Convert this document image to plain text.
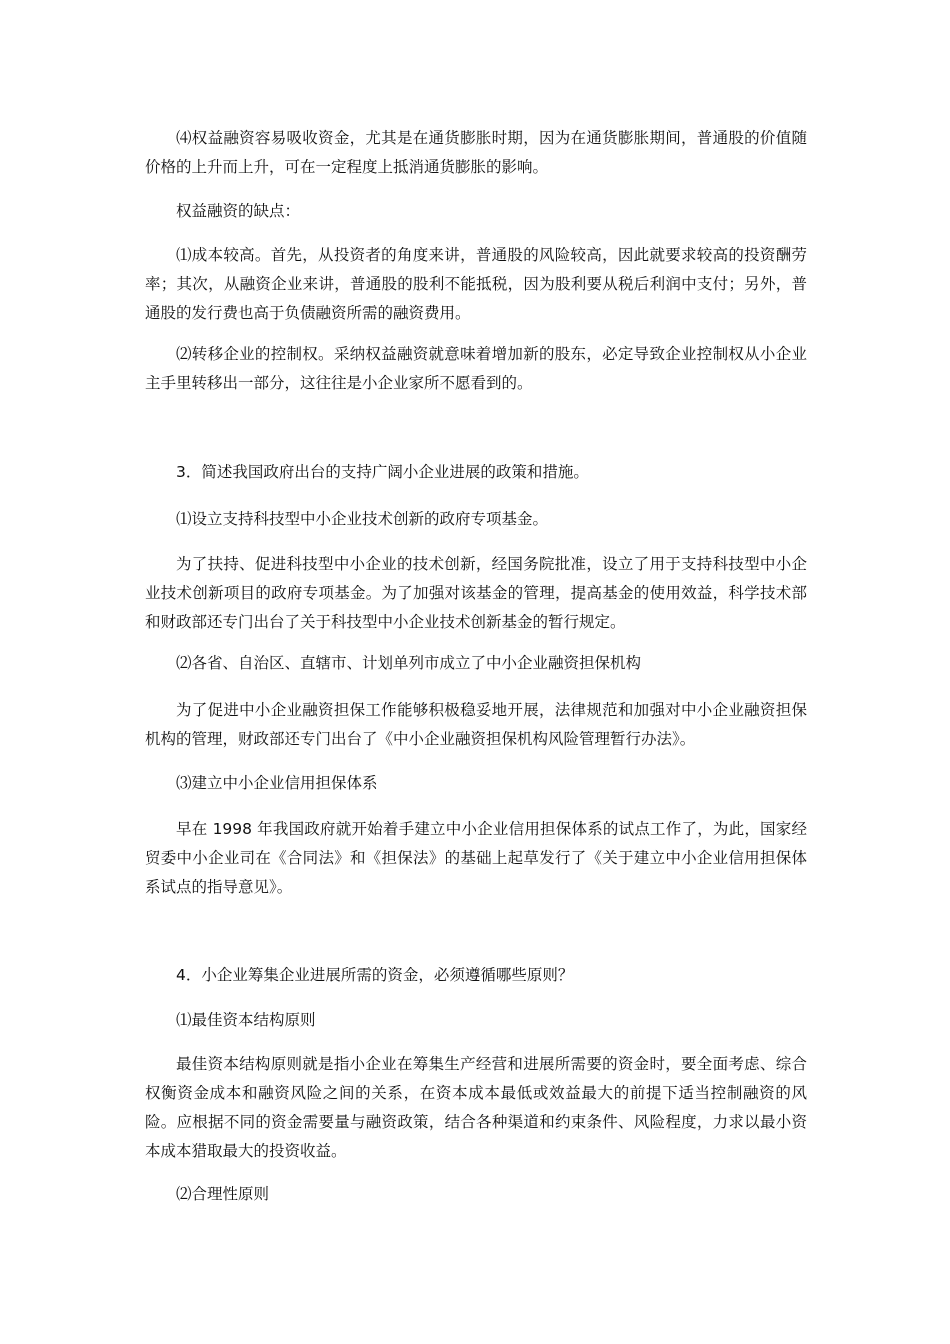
⑷权益融资容易吸收资金，尤其是在通货膨胀时期，因为在通货膨胀期间，普通股的价值随价格的上升而上升，可在一定程度上抵消通货膨胀的影响。

权益融资的缺点：

⑴成本较高。首先，从投资者的角度来讲，普通股的风险较高，因此就要求较高的投资酬劳率；其次，从融资企业来讲，普通股的股利不能抵税，因为股利要从税后利润中支付；另外，普通股的发行费也高于负债融资所需的融资费用。

⑵转移企业的控制权。采纳权益融资就意味着增加新的股东，必定导致企业控制权从小企业主手里转移出一部分，这往往是小企业家所不愿看到的。

3．简述我国政府出台的支持广阔小企业进展的政策和措施。

⑴设立支持科技型中小企业技术创新的政府专项基金。

为了扶持、促进科技型中小企业的技术创新，经国务院批准，设立了用于支持科技型中小企业技术创新项目的政府专项基金。为了加强对该基金的管理，提高基金的使用效益，科学技术部和财政部还专门出台了关于科技型中小企业技术创新基金的暂行规定。

⑵各省、自治区、直辖市、计划单列市成立了中小企业融资担保机构

为了促进中小企业融资担保工作能够积极稳妥地开展，法律规范和加强对中小企业融资担保机构的管理，财政部还专门出台了《中小企业融资担保机构风险管理暂行办法》。

⑶建立中小企业信用担保体系

早在 1998 年我国政府就开始着手建立中小企业信用担保体系的试点工作了，为此，国家经贸委中小企业司在《合同法》和《担保法》的基础上起草发行了《关于建立中小企业信用担保体系试点的指导意见》。

4．小企业筹集企业进展所需的资金，必须遵循哪些原则？

⑴最佳资本结构原则

最佳资本结构原则就是指小企业在筹集生产经营和进展所需要的资金时，要全面考虑、综合权衡资金成本和融资风险之间的关系，在资本成本最低或效益最大的前提下适当控制融资的风险。应根据不同的资金需要量与融资政策，结合各种渠道和约束条件、风险程度，力求以最小资本成本猎取最大的投资收益。

⑵合理性原则
